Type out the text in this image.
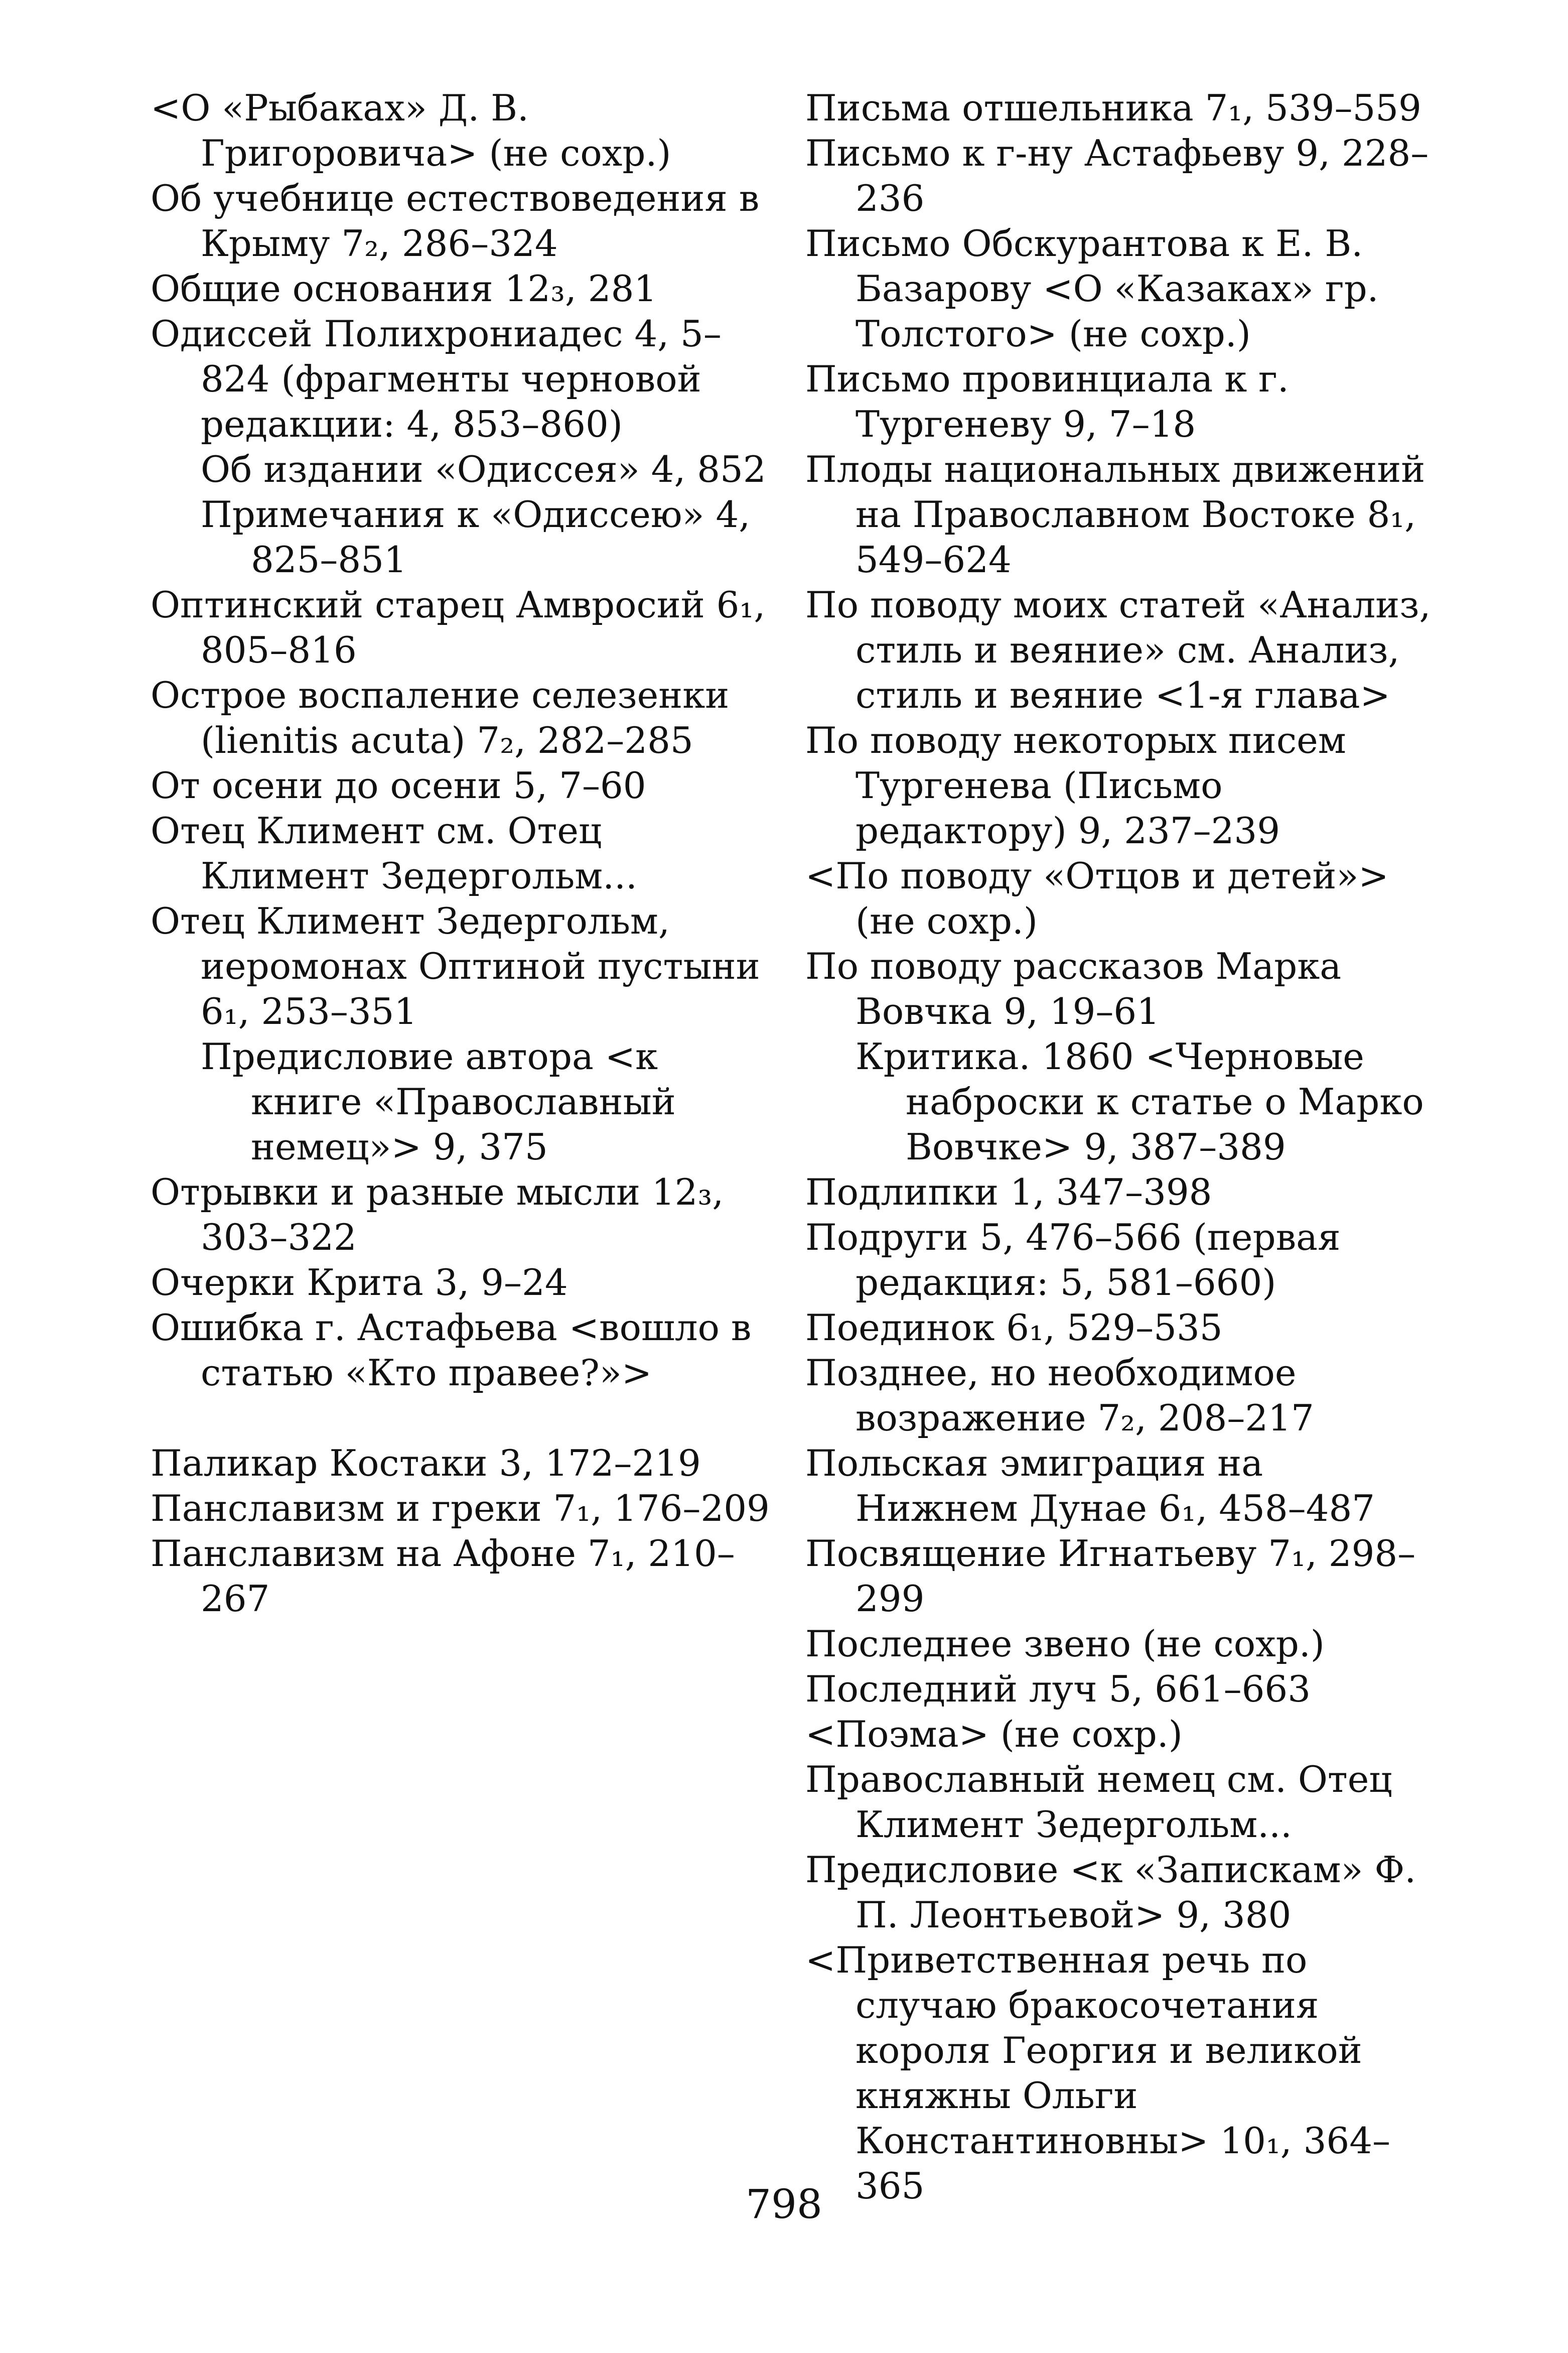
<О «Рыбаках» Д. В. Григоровича> (не сохр.)

Об учебнице естествоведения в Крыму 7₂, 286–324

Общие основания 12₃, 281

Одиссей Полихрониадес 4, 5–824 (фрагменты черновой редакции: 4, 853–860)

Об издании «Одиссея» 4, 852

Примечания к «Одиссею» 4, 825–851

Оптинский старец Амвросий 6₁, 805–816

Острое воспаление селезенки (lienitis acuta) 7₂, 282–285

От осени до осени 5, 7–60

Отец Климент см. Отец Климент Зедергольм...

Отец Климент Зедергольм, иеромонах Оптиной пустыни 6₁, 253–351

Предисловие автора <к книге «Православный немец»> 9, 375

Отрывки и разные мысли 12₃, 303–322

Очерки Крита 3, 9–24

Ошибка г. Астафьева <вошло в статью «Кто правее?»>

Паликар Костаки 3, 172–219

Панславизм и греки 7₁, 176–209

Панславизм на Афоне 7₁, 210–267

Письма отшельника 7₁, 539–559

Письмо к г-ну Астафьеву 9, 228–236

Письмо Обскурантова к Е. В. Базарову <О «Казаках» гр. Толстого> (не сохр.)

Письмо провинциала к г. Тургеневу 9, 7–18

Плоды национальных движений на Православном Востоке 8₁, 549–624

По поводу моих статей «Анализ, стиль и веяние» см. Анализ, стиль и веяние <1-я глава>

По поводу некоторых писем Тургенева (Письмо редактору) 9, 237–239

<По поводу «Отцов и детей»> (не сохр.)

По поводу рассказов Марка Вовчка 9, 19–61

Критика. 1860 <Черновые наброски к статье о Марко Вовчке> 9, 387–389

Подлипки 1, 347–398

Подруги 5, 476–566 (первая редакция: 5, 581–660)

Поединок 6₁, 529–535

Позднее, но необходимое возражение 7₂, 208–217

Польская эмиграция на Нижнем Дунае 6₁, 458–487

Посвящение Игнатьеву 7₁, 298–299

Последнее звено (не сохр.)

Последний луч 5, 661–663

<Поэма> (не сохр.)

Православный немец см. Отец Климент Зедергольм...

Предисловие <к «Запискам» Ф. П. Леонтьевой> 9, 380

<Приветственная речь по случаю бракосочетания короля Георгия и великой княжны Ольги Константиновны> 10₁, 364–365

798
